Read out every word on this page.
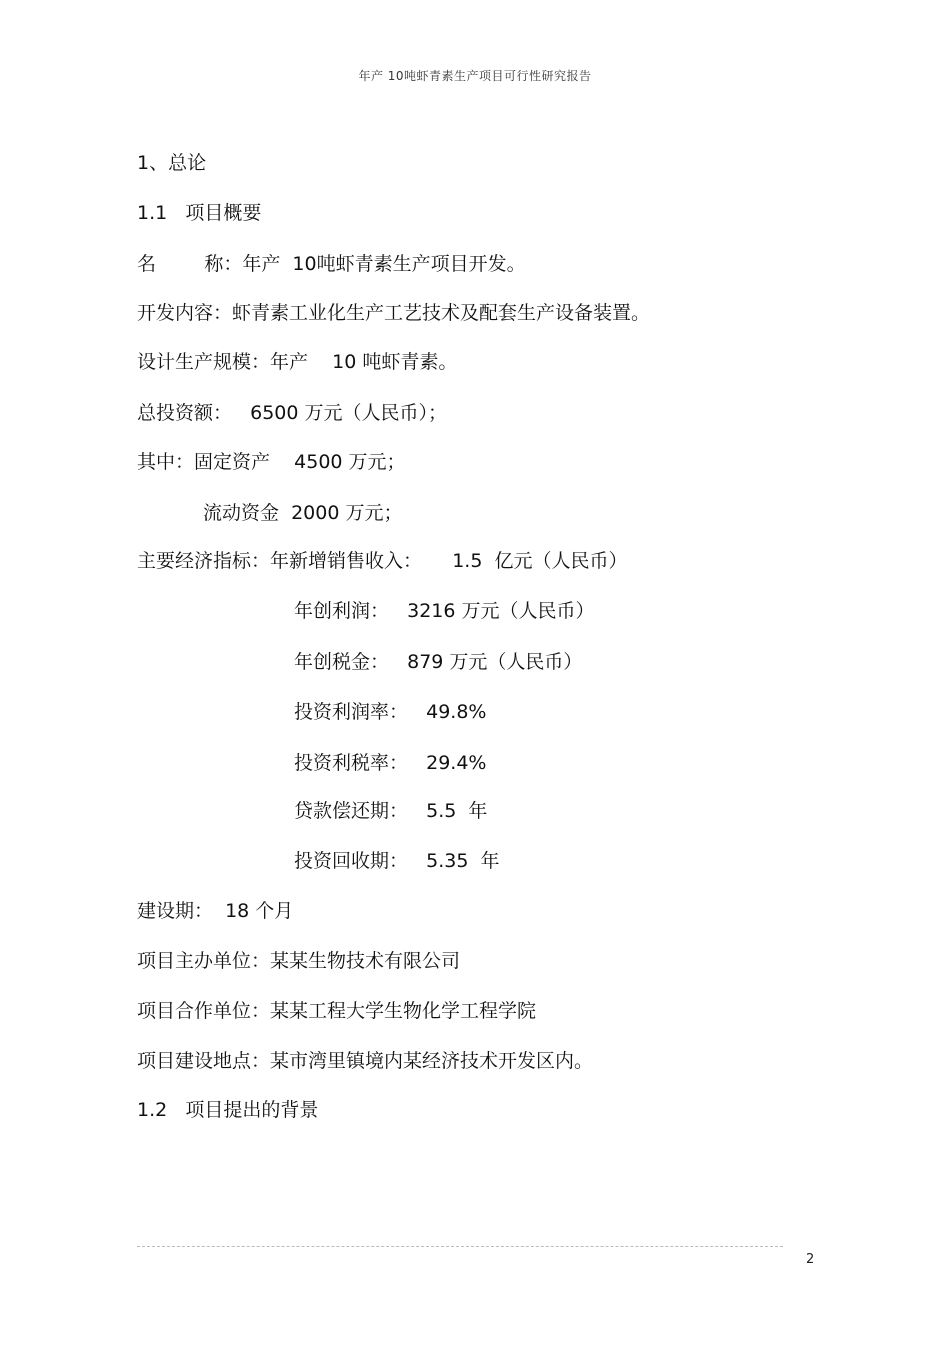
年产 10吨虾青素生产项目可行性研究报告
1、总论
1.1   项目概要
名        称：年产  10吨虾青素生产项目开发。
开发内容：虾青素工业化生产工艺技术及配套生产设备装置。
设计生产规模：年产    10 吨虾青素。
总投资额：   6500 万元（人民币）；
其中：固定资产    4500 万元；
流动资金  2000 万元；
主要经济指标：年新增销售收入：     1.5  亿元（人民币）
年创利润：   3216 万元（人民币）
年创税金：   879 万元（人民币）
投资利润率：   49.8%
投资利税率：   29.4%
贷款偿还期：   5.5  年
投资回收期：   5.35  年
建设期：  18 个月
项目主办单位：某某生物技术有限公司
项目合作单位：某某工程大学生物化学工程学院
项目建设地点：某市湾里镇境内某经济技术开发区内。
1.2   项目提出的背景
2
